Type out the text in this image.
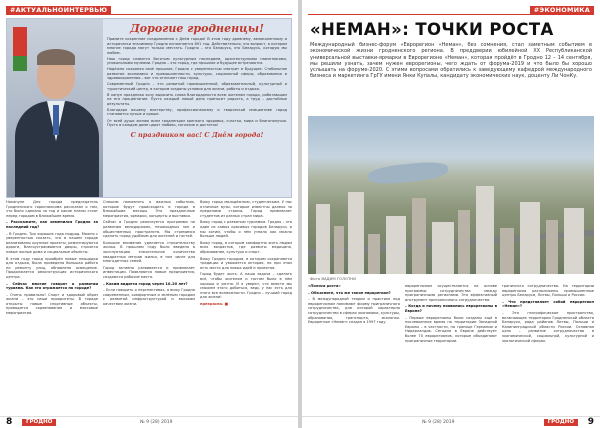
#АКТУАЛЬНОИНТЕРВЬЮ
Дорогие гродненцы!

Примите искренние поздравления с Днём города! В этом году древнему, великолепному и исторически значимому Гродно исполняется 891 год. Действительно, это возраст, о котором многие города могут только мечтать. Гродно – это Беларусь, это Беларусь, которую мы любим.

Наш город славится богатым культурным наследием, архитектурными памятниками, уникальными музеями. Гродно – это город, где прошлое и будущее встречаются.

Надёжно сохраняя своё прошлое, Гродно с уверенностью смотрит в будущее. Стабильное развитие экономики и промышленности, культуры, социальной сферы, образования и здравоохранения – вот что отличает наш город.

Современный Гродно – это развитый промышленный, образовательный, культурный и туристический центр, в котором созданы условия для жизни, работы и отдыха.

В канун праздника хочу выразить слова благодарности всем жителям города, работающим на его процветание. Пусть каждый новый день приносит радость, а труд – достойные результаты.

Благодаря вашему мастерству, профессионализму и творческой инициативе город становится лучше и краше.

От всей души желаю всем гродненцам крепкого здоровья, счастья, мира и благополучия. Пусть в каждом доме царят любовь, согласие и достаток!

С праздником вас! С Днём города!

Накануне Дня города председатель Гродненского горисполкома рассказал о том, что было сделано за год и какие планы стоят перед городом в ближайшее время.

– Расскажите, как изменился Гродно за последний год?

– В Гродно. Три хороших года подряд. Можно с уверенностью сказать, что в нашем городе реализованы крупные проекты, ремонтируются дороги, благоустраиваются дворы, строятся новые жилые дома и социальные объекты.

В этом году город приобрёл новые площадки для отдыха, была проведена большая работа по ремонту улиц, обновлено освещение. Продолжается реконструкция исторического центра.

– Сейчас многие говорят о развитии туризма. Как это отражается на городе?

– Очень правильно! Спорт и здоровый образ жизни – это наши приоритеты. В городе открыты новые спортивные объекты, проводятся соревнования и массовые мероприятия.

Спешим напомнить о важных событиях, которые будут происходить в городе в ближайшие месяцы. Это праздничные мероприятия, ярмарки, концерты и выставки.

Сейчас в Гродно реализуется программа по развитию велодорожек, пешеходных зон и общественных пространств. Мы стремимся сделать город удобным для жителей и гостей.

Большое внимание уделяется строительству жилья. В прошлом году было введено в эксплуатацию значительное количество квадратных метров жилья, в том числе для многодетных семей.

Город активно развивается и привлекает инвестиции. Появляются новые предприятия, создаются рабочие места.

– Каким видится город через 10–20 лет?

– Если говорить о перспективах, я вижу Гродно современным, комфортным и зелёным городом с развитой инфраструктурой и высоким качеством жизни.

Вижу город молодёжным, студенческим. У нас отличные вузы, которые известны далеко за пределами страны. Город привлекает студентов из разных стран мира.

Вижу город с развитым туризмом. Гродно – это один из самых красивых городов Беларуси, и мы хотим, чтобы о нём узнало как можно больше людей.

Вижу город, в котором комфортно жить людям всех возрастов, где развиты медицина, образование, культура и спорт.

Вижу Гродно городом, в котором сохраняются традиции и уважается история, но при этом есть место для новых идей и проектов.

Город будет жить. А наша задача – сделать всё, чтобы жителям и гостям было в нём хорошо и уютно. И я уверен, что вместе мы сможем этого добиться, ведь у нас есть для этого все возможности. Гродно – лучший город для жизни!

прекрасно. ■

8	ГРОДНО	№ 9 (28) 2019
#ЭКОНОМИКА
«НЕМАН»: ТОЧКИ РОСТА
Международный бизнес-форум «Еврорегион «Неман», без сомнения, стал заметным событием в экономической жизни гродненского региона. В преддверии юбилейной XX Республиканской универсальной выставки-ярмарки в Еврорегионе «Неман», которая пройдёт в Гродно 12 – 14 сентября, мы решили узнать, зачем нужен еврорегионы, чего ждать от форума-2019 и что было бы хорошо услышать на форуме-2020. С этими вопросами обратились к заведующему кафедрой международного бизнеса и маркетинга ГрГУ имени Янки Купалы, кандидату экономических наук, доценту Ли ЧонКу.
Фото ВАДИМ ГОЛОТНИ

«Полоса роста»

– Объясните, что же такое еврорегион?

– В международной теории и практике под еврорегионом понимают форму приграничного сотрудничества, для которой характерно сотрудничество в сферах экономики, культуры, образования, транспорта, экологии. Еврорегион «Неман» создан в 1997 году.

еврорегионом осуществляется на основе программы сотрудничества между приграничными регионами. Это эффективный инструмент приграничного сотрудничества.

– Когда и почему появились еврорегионы в Европе?

– Первые еврорегионы были созданы ещё в послевоенное время на территории Западной Европы – в частности, на границе Германии и Нидерландов. Сегодня в Европе действует более 70 еврорегионов, которые объединяют приграничные территории.

граничного сотрудничества. На территории еврорегиона расположены промышленные центры Беларуси, Литвы, Польши и России.

– Что представляет собой еврорегион «Неман»?

– Это географическое пространство, включающее территории Гродненской области Беларуси, ряда районов Литвы, Польши и Калининградской области России. Основная цель – развитие сотрудничества в экономической, социальной, культурной и экологической сферах.

№ 9 (28) 2019	ГРОДНО	9
